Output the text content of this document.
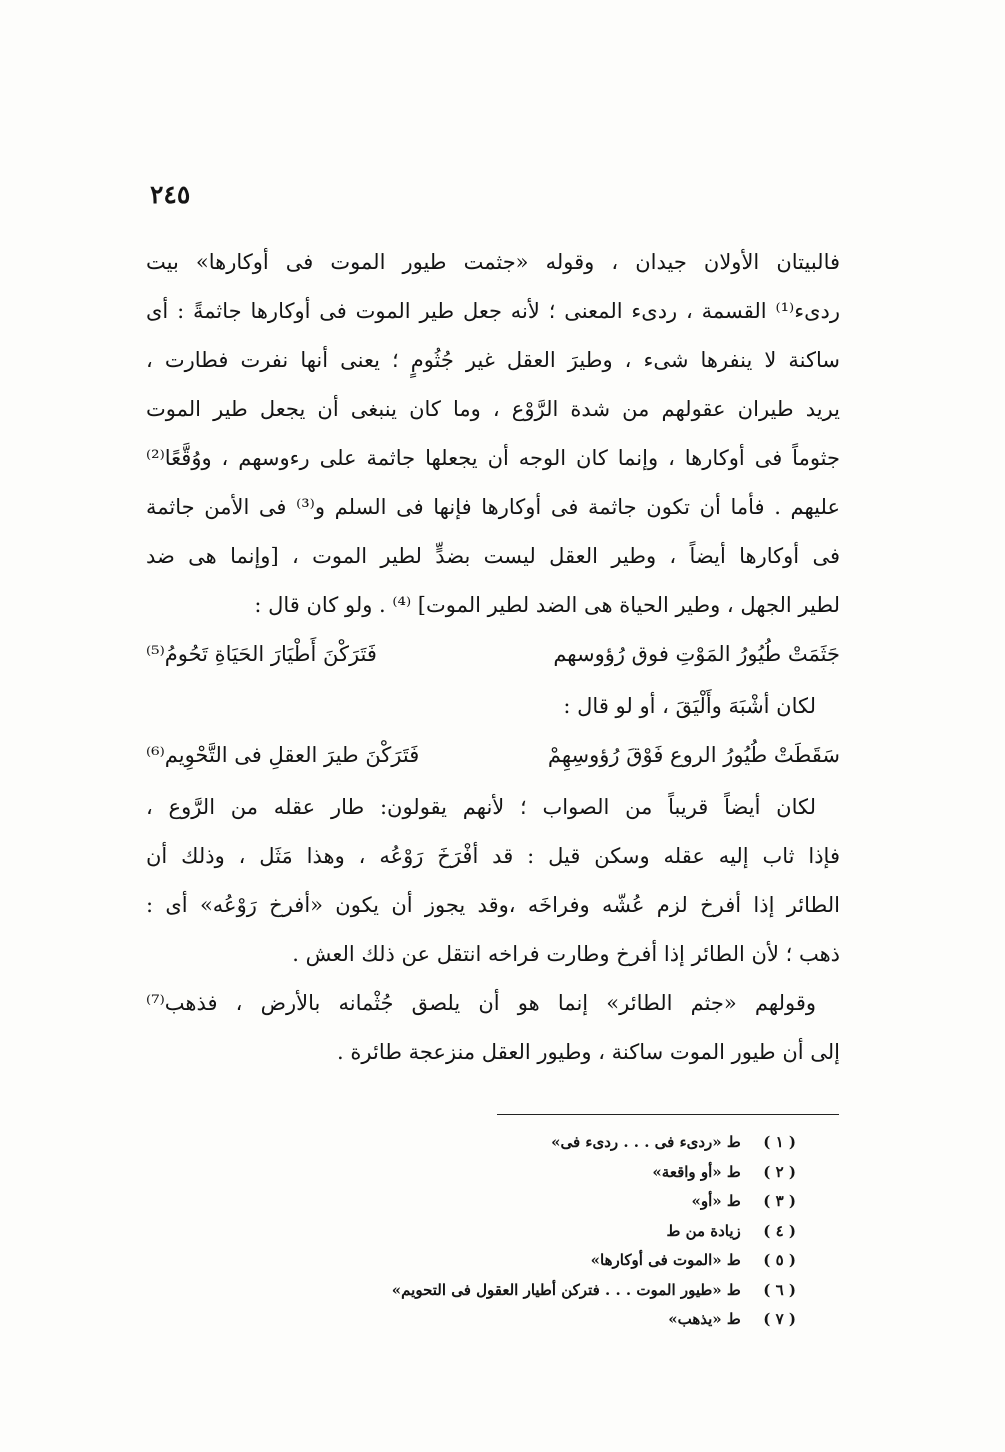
٢٤٥
فالبيتان الأولان جيدان ، وقوله «جثمت طيور الموت فى أوكارها» بيت
ردىء⁽¹⁾ القسمة ، ردىء المعنى ؛ لأنه جعل طير الموت فى أوكارها جاثمةً : أى
ساكنة لا ينفرها شىء ، وطيرَ العقل غير جُثُومٍ ؛ يعنى أنها نفرت فطارت ،
يريد طيران عقولهم من شدة الرَّوْع ، وما كان ينبغى أن يجعل طير الموت
جثوماً فى أوكارها ، وإنما كان الوجه أن يجعلها جاثمة على رءوسهم ، ووُقَّعًا⁽²⁾
عليهم . فأما أن تكون جاثمة فى أوكارها فإنها فى السلم و⁽³⁾ فى الأمن جاثمة
فى أوكارها أيضاً ، وطير العقل ليست بضدٍّ لطير الموت ، [وإنما هى ضد
لطير الجهل ، وطير الحياة هى الضد لطير الموت] ⁽⁴⁾ . ولو كان قال :
جَثَمَتْ طُيُورُ المَوْتِ فوق رُؤوسهم
فَتَرَكْنَ أَطْيَارَ الحَيَاةِ تَحُومُ⁽⁵⁾
لكان أشْبَهَ وأَلْيَقَ ، أو لو قال :
سَقَطَتْ طُيُورُ الروع فَوْقَ رُؤوسِهِمْ
فَتَرَكْنَ طيرَ العقلِ فى التَّحْوِيم⁽⁶⁾
لكان أيضاً قريباً من الصواب ؛ لأنهم يقولون: طار عقله من الرَّوع ،
فإذا ثاب إليه عقله وسكن قيل : قد أفْرَخَ رَوْعُه ، وهذا مَثَل ، وذلك أن
الطائر إذا أفرخ لزم عُشّه وفراخَه ،وقد يجوز أن يكون «أفرخ رَوْعُه» أى :
ذهب ؛ لأن الطائر إذا أفرخ وطارت فراخه انتقل عن ذلك العش .
وقولهم «جثم الطائر» إنما هو أن يلصق جُثْمانه بالأرض ، فذهب⁽⁷⁾
إلى أن طيور الموت ساكنة ، وطيور العقل منزعجة طائرة .
( ١ ) ط «ردىء فى . . . ردىء فى»
( ٢ ) ط «أو واقعة»
( ٣ ) ط «أو»
( ٤ ) زيادة من ط
( ٥ ) ط «الموت فى أوكارها»
( ٦ ) ط «طيور الموت . . . فتركن أطيار العقول فى التحويم»
( ٧ ) ط «يذهب»
